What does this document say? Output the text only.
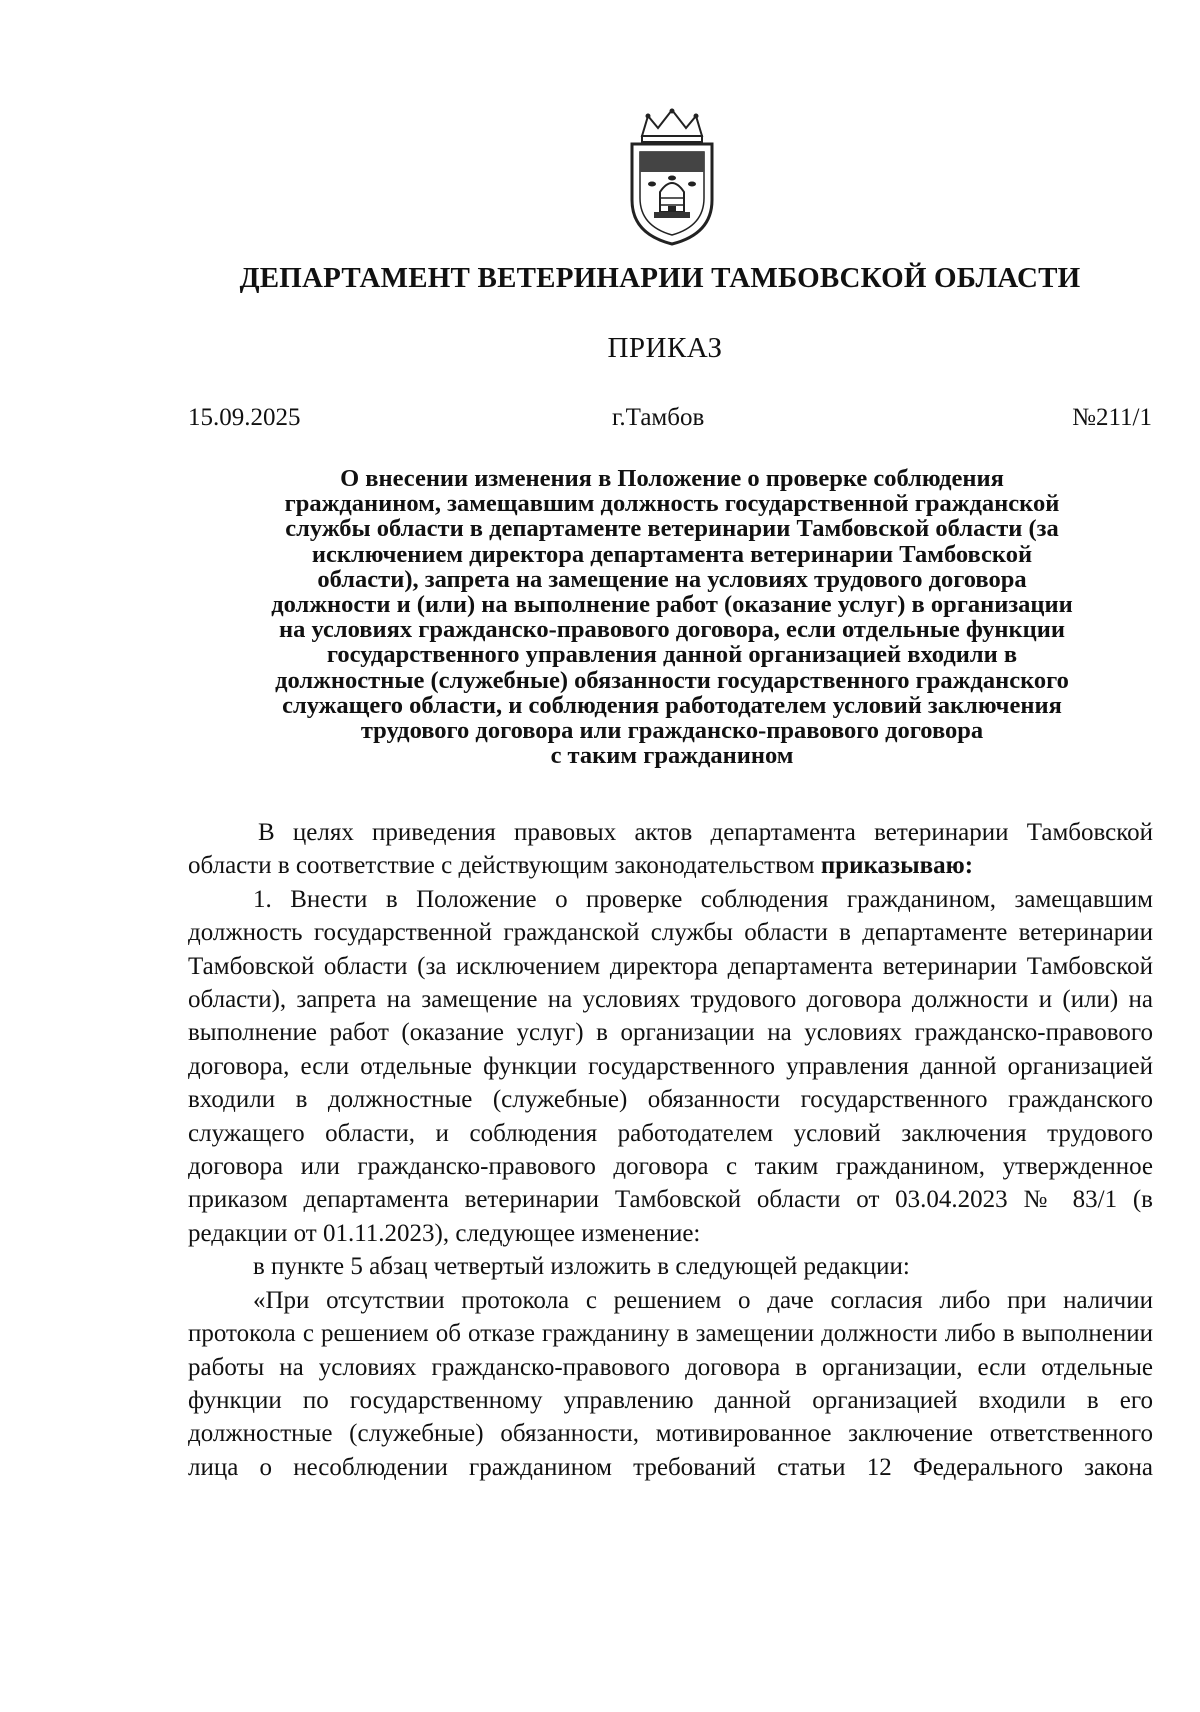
ДЕПАРТАМЕНТ ВЕТЕРИНАРИИ ТАМБОВСКОЙ ОБЛАСТИ
ПРИКАЗ
15.09.2025	г.Тамбов	№211/1
О внесении изменения в Положение о проверке соблюдения
гражданином, замещавшим должность государственной гражданской
службы области в департаменте ветеринарии Тамбовской области (за
исключением директора департамента ветеринарии Тамбовской
области), запрета на замещение на условиях трудового договора
должности и (или) на выполнение работ (оказание услуг) в организации
на условиях гражданско-правового договора, если отдельные функции
государственного управления данной организацией входили в
должностные (служебные) обязанности государственного гражданского
служащего области, и соблюдения работодателем условий заключения
трудового договора или гражданско-правового договора
с таким гражданином

В целях приведения правовых актов департамента ветеринарии Тамбовской области в соответствие с действующим законодательством приказываю:

1. Внести в Положение о проверке соблюдения гражданином, замещавшим должность государственной гражданской службы области в департаменте ветеринарии Тамбовской области (за исключением директора департамента ветеринарии Тамбовской области), запрета на замещение на условиях трудового договора должности и (или) на выполнение работ (оказание услуг) в организации на условиях гражданско-правового договора, если отдельные функции государственного управления данной организацией входили в должностные (служебные) обязанности государственного гражданского служащего области, и соблюдения работодателем условий заключения трудового договора или гражданско-правового договора с таким гражданином, утвержденное приказом департамента ветеринарии Тамбовской области от 03.04.2023 № 83/1 (в редакции от 01.11.2023), следующее изменение:

в пункте 5 абзац четвертый изложить в следующей редакции:

«При отсутствии протокола с решением о даче согласия либо при наличии протокола с решением об отказе гражданину в замещении должности либо в выполнении работы на условиях гражданско-правового договора в организации, если отдельные функции по государственному управлению данной организацией входили в его должностные (служебные) обязанности, мотивированное заключение ответственного лица о несоблюдении гражданином требований статьи 12 Федерального закона
